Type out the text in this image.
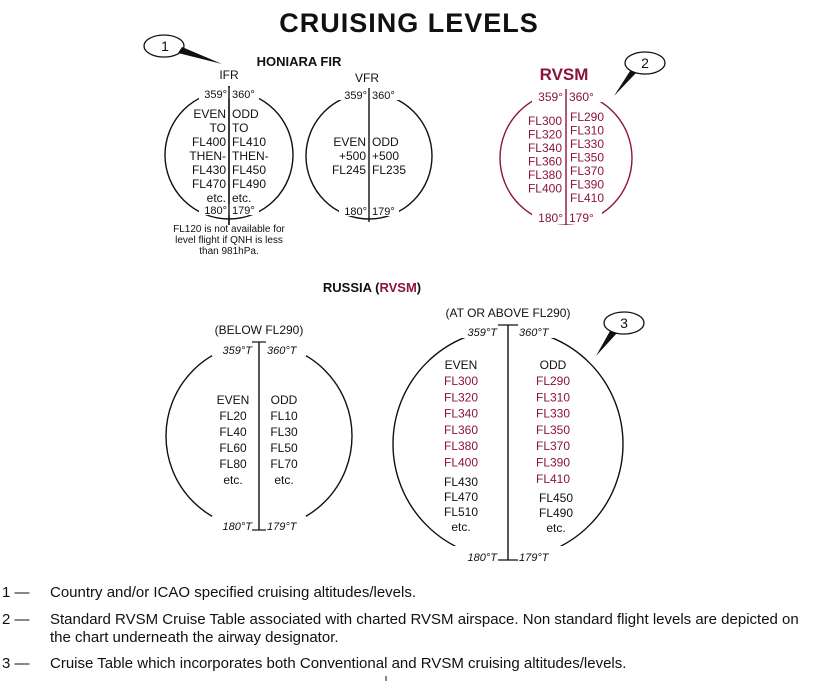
CRUISING LEVELS
HONIARA FIR
1
IFR
359° 360°
180° 179°
EVEN
TO
FL400
THEN-
FL430
FL470
etc.
ODD
TO
FL410
THEN-
FL450
FL490
etc.
FL120 is not available for
level flight if QNH is less
than 981hPa.
VFR
359° 360°
180° 179°
EVEN
+500
FL245
ODD
+500
FL235
RVSM
2
359° 360°
180° 179°
FL300
FL320
FL340
FL360
FL380
FL400
FL290
FL310
FL330
FL350
FL370
FL390
FL410
RUSSIA (RVSM)
(BELOW FL290)
359°T 360°T
180°T 179°T
EVEN
FL20
FL40
FL60
FL80
etc.
ODD
FL10
FL30
FL50
FL70
etc.
(AT OR ABOVE FL290)
359°T 360°T
180°T 179°T
EVEN
FL300
FL320
FL340
FL360
FL380
FL400
FL430
FL470
FL510
etc.
ODD
FL290
FL310
FL330
FL350
FL370
FL390
FL410
FL450
FL490
etc.
3
1 — Country and/or ICAO specified cruising altitudes/levels.
2 — Standard RVSM Cruise Table associated with charted RVSM airspace. Non standard flight levels are depicted on the chart underneath the airway designator.
3 — Cruise Table which incorporates both Conventional and RVSM cruising altitudes/levels.
